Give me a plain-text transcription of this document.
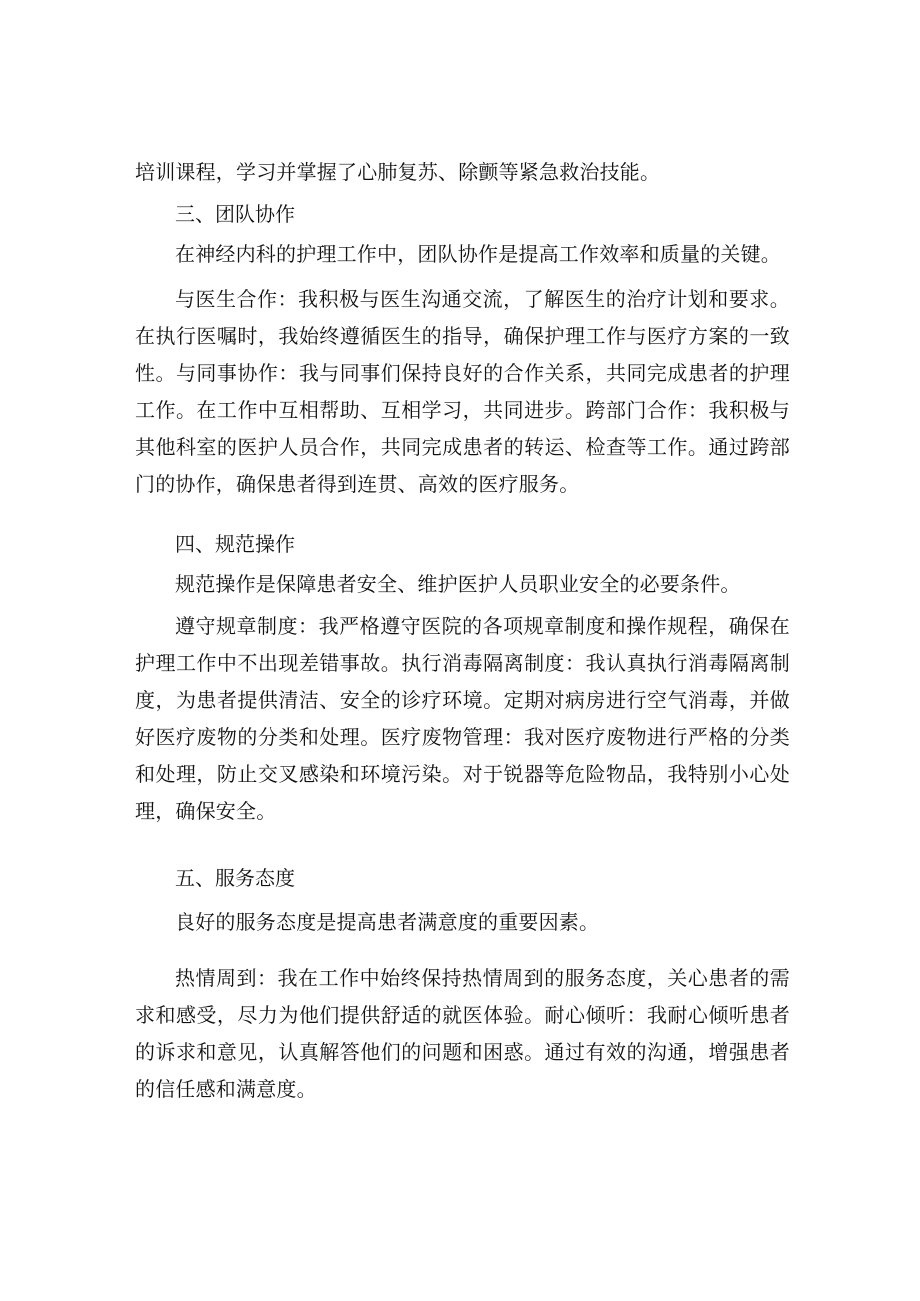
培训课程，学习并掌握了心肺复苏、除颤等紧急救治技能。

三、团队协作

在神经内科的护理工作中，团队协作是提高工作效率和质量的关键。

与医生合作：我积极与医生沟通交流，了解医生的治疗计划和要求。在执行医嘱时，我始终遵循医生的指导，确保护理工作与医疗方案的一致性。与同事协作：我与同事们保持良好的合作关系，共同完成患者的护理工作。在工作中互相帮助、互相学习，共同进步。跨部门合作：我积极与其他科室的医护人员合作，共同完成患者的转运、检查等工作。通过跨部门的协作，确保患者得到连贯、高效的医疗服务。

四、规范操作

规范操作是保障患者安全、维护医护人员职业安全的必要条件。

遵守规章制度：我严格遵守医院的各项规章制度和操作规程，确保在护理工作中不出现差错事故。执行消毒隔离制度：我认真执行消毒隔离制度，为患者提供清洁、安全的诊疗环境。定期对病房进行空气消毒，并做好医疗废物的分类和处理。医疗废物管理：我对医疗废物进行严格的分类和处理，防止交叉感染和环境污染。对于锐器等危险物品，我特别小心处理，确保安全。

五、服务态度

良好的服务态度是提高患者满意度的重要因素。

热情周到：我在工作中始终保持热情周到的服务态度，关心患者的需求和感受，尽力为他们提供舒适的就医体验。耐心倾听：我耐心倾听患者的诉求和意见，认真解答他们的问题和困惑。通过有效的沟通，增强患者的信任感和满意度。
